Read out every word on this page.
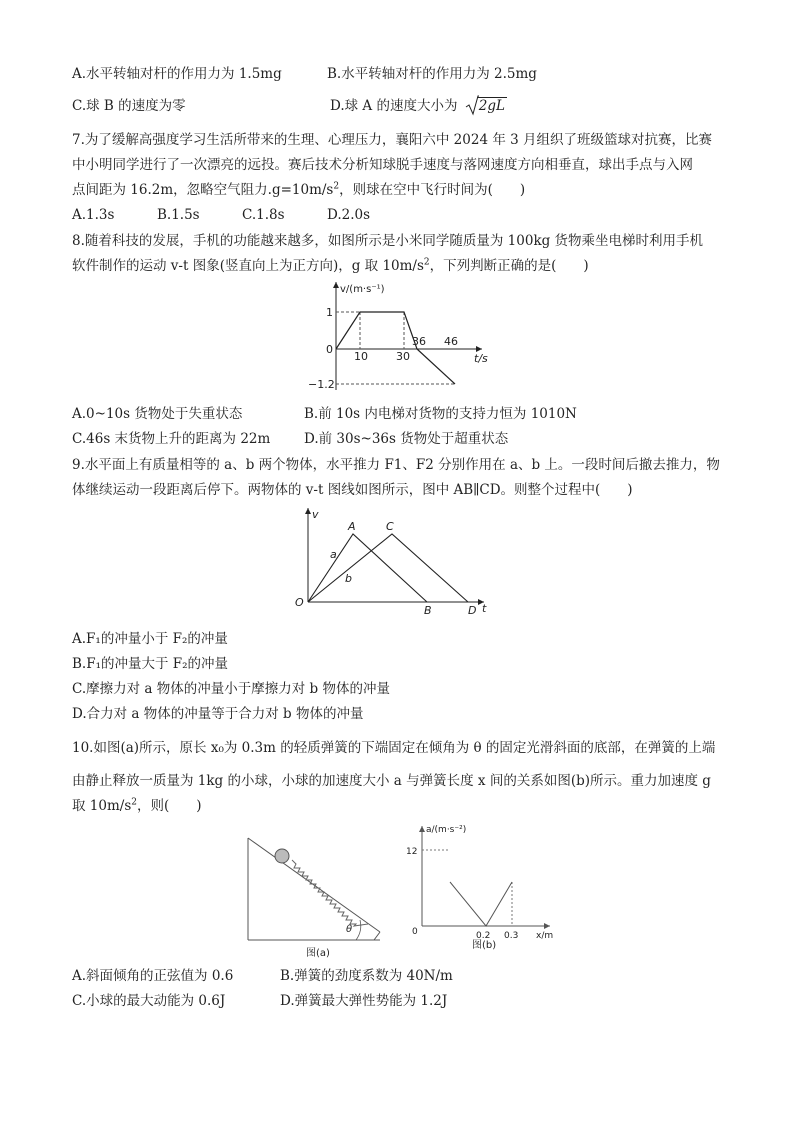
A.水平转轴对杆的作用力为 1.5mg	B.水平转轴对杆的作用力为 2.5mg
C.球 B 的速度为零	D.球 A 的速度大小为 2gL
7.为了缓解高强度学习生活所带来的生理、心理压力，襄阳六中 2024 年 3 月组织了班级篮球对抗赛，比赛
中小明同学进行了一次漂亮的远投。赛后技术分析知球脱手速度与落网速度方向相垂直，球出手点与入网
点间距为 16.2m，忽略空气阻力$.g=10m/s^2$，则球在空中飞行时间为(　　)
A.1.3s	B.1.5s	C.1.8s	D.2.0s
8.随着科技的发展，手机的功能越来越多，如图所示是小米同学随质量为 100kg 货物乘坐电梯时利用手机
软件制作的运动 v-t 图象(竖直向上为正方向)，g 取 $10m/s^2$，下列判断正确的是(　　)
v/(m·s⁻¹)
t/s
1
0
−1.2
10	30
36 46
A.0~10s 货物处于失重状态	B.前 10s 内电梯对货物的支持力恒为 1010N
C.46s 末货物上升的距离为 22m D.前 30s~36s 货物处于超重状态
9.水平面上有质量相等的 a、b 两个物体，水平推力 F1、F2 分别作用在 a、b 上。一段时间后撤去推力，物
体继续运动一段距离后停下。两物体的 v-t 图线如图所示，图中 AB∥CD。则整个过程中(　　)
v
t
O
A	C
B	D
a
b
A.F₁的冲量小于 F₂的冲量
B.F₁的冲量大于 F₂的冲量
C.摩擦力对 a 物体的冲量小于摩擦力对 b 物体的冲量
D.合力对 a 物体的冲量等于合力对 b 物体的冲量
10.如图(a)所示，原长 x₀为 0.3m 的轻质弹簧的下端固定在倾角为 θ 的固定光滑斜面的底部，在弹簧的上端
由静止释放一质量为 1kg 的小球，小球的加速度大小 a 与弹簧长度 x 间的关系如图(b)所示。重力加速度 g
取 $10m/s^2$，则(　　)
θ
图(a)
a/(m·s⁻²)
x/m
12
0	0.2 0.3
图(b)
A.斜面倾角的正弦值为 0.6	B.弹簧的劲度系数为 40N/m
C.小球的最大动能为 0.6J	D.弹簧最大弹性势能为 1.2J
